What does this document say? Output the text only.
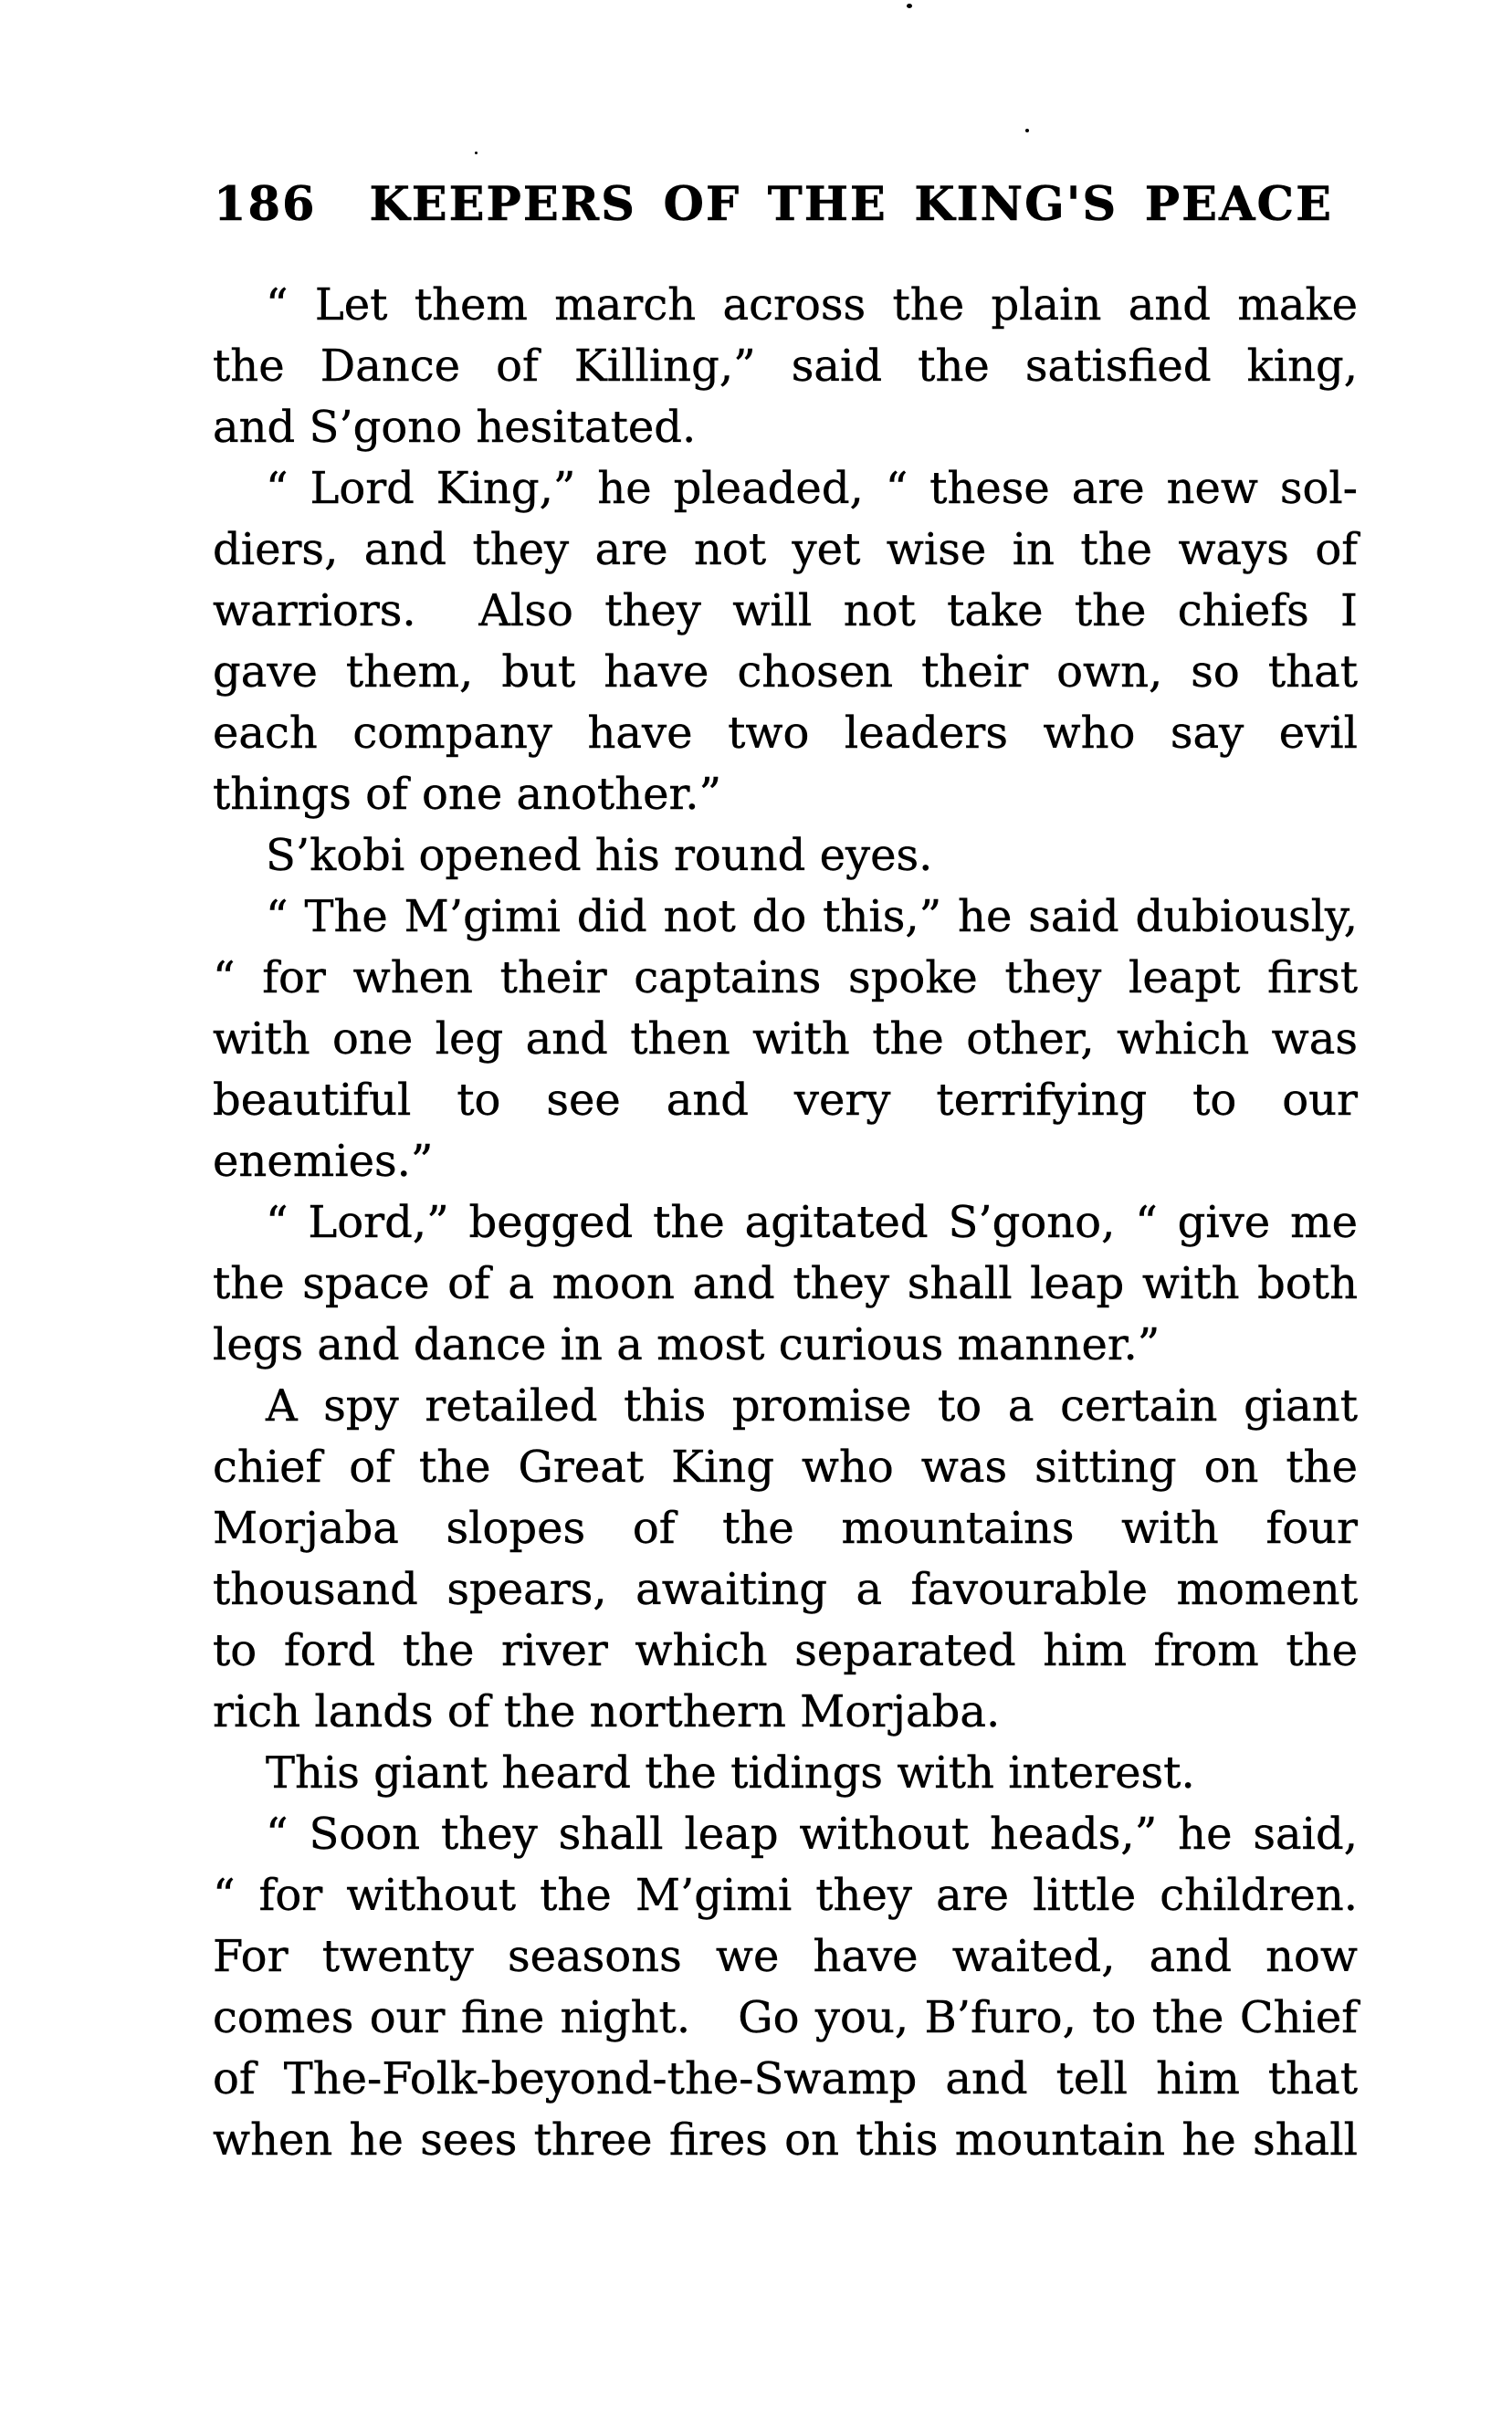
186 KEEPERS OF THE KING'S PEACE
“ Let them march across the plain and make
the Dance of Killing,” said the satisfied king,
and S’gono hesitated.
“ Lord King,” he pleaded, “ these are new sol-
diers, and they are not yet wise in the ways of
warriors.  Also they will not take the chiefs I
gave them, but have chosen their own, so that
each company have two leaders who say evil
things of one another.”
S’kobi opened his round eyes.
“ The M’gimi did not do this,” he said dubiously,
“ for when their captains spoke they leapt first
with one leg and then with the other, which was
beautiful to see and very terrifying to our
enemies.”
“ Lord,” begged the agitated S’gono, “ give me
the space of a moon and they shall leap with both
legs and dance in a most curious manner.”
A spy retailed this promise to a certain giant
chief of the Great King who was sitting on the
Morjaba slopes of the mountains with four
thousand spears, awaiting a favourable moment
to ford the river which separated him from the
rich lands of the northern Morjaba.
This giant heard the tidings with interest.
“ Soon they shall leap without heads,” he said,
“ for without the M’gimi they are little children.
For twenty seasons we have waited, and now
comes our fine night.   Go you, B’furo, to the Chief
of The-Folk-beyond-the-Swamp and tell him that
when he sees three fires on this mountain he shall
